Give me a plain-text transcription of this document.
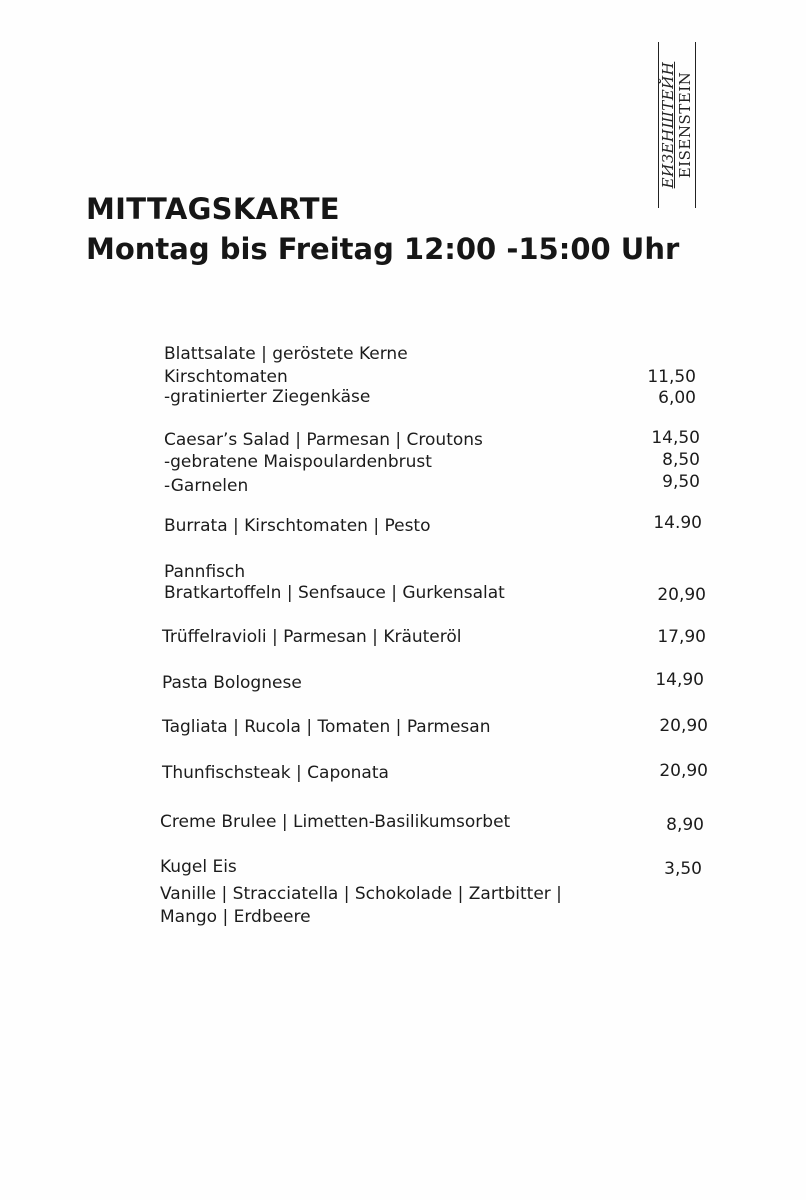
ЕИЗЕНШТЕЙН EISENSTEIN
MITTAGSKARTE
Montag bis Freitag 12:00 -15:00 Uhr
Blattsalate | geröstete Kerne
Kirschtomaten	11,50
-gratinierter Ziegenkäse	6,00
Caesar’s Salad | Parmesan | Croutons	14,50
-gebratene Maispoulardenbrust	8,50
-Garnelen	9,50
Burrata | Kirschtomaten | Pesto	14.90
Pannfisch
Bratkartoffeln | Senfsauce | Gurkensalat	20,90
Trüffelravioli | Parmesan | Kräuteröl	17,90
Pasta Bolognese	14,90
Tagliata | Rucola | Tomaten | Parmesan	20,90
Thunfischsteak | Caponata	20,90
Creme Brulee | Limetten-Basilikumsorbet	8,90
Kugel Eis	3,50
Vanille | Stracciatella | Schokolade | Zartbitter |
Mango | Erdbeere
